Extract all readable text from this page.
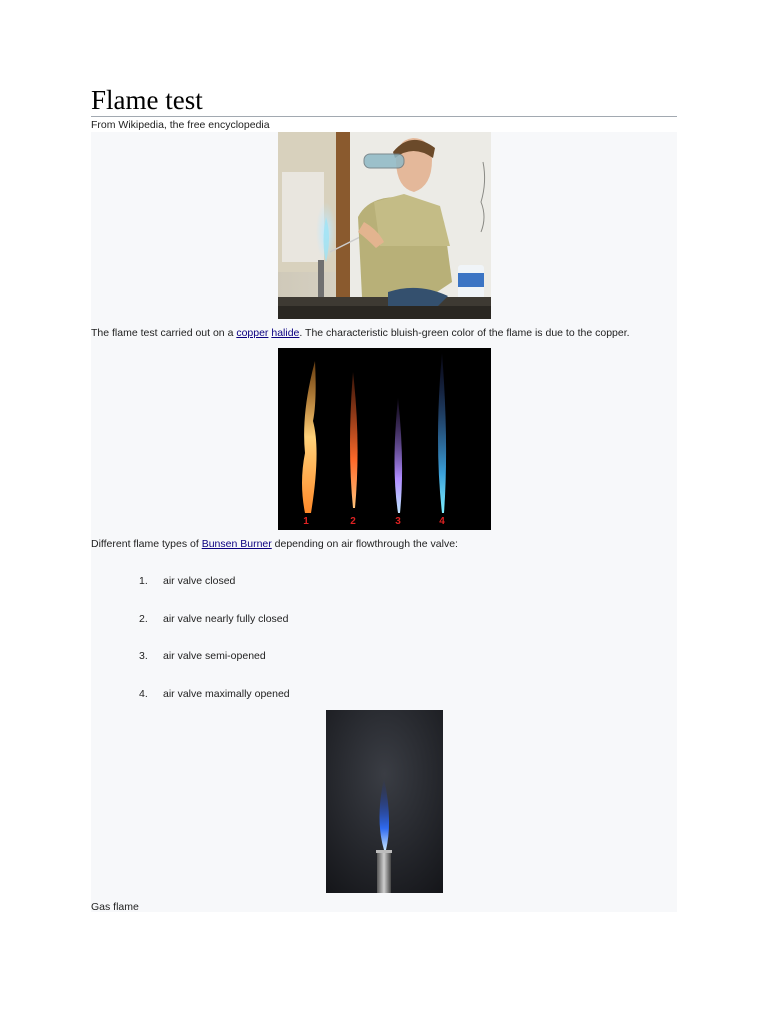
Flame test
From Wikipedia, the free encyclopedia
The flame test carried out on a copper halide. The characteristic bluish-green color of the flame is due to the copper.
1	2	3	4
Different flame types of Bunsen Burner depending on air flowthrough the valve:
1. air valve closed
2. air valve nearly fully closed
3. air valve semi-opened
4. air valve maximally opened
Gas flame
